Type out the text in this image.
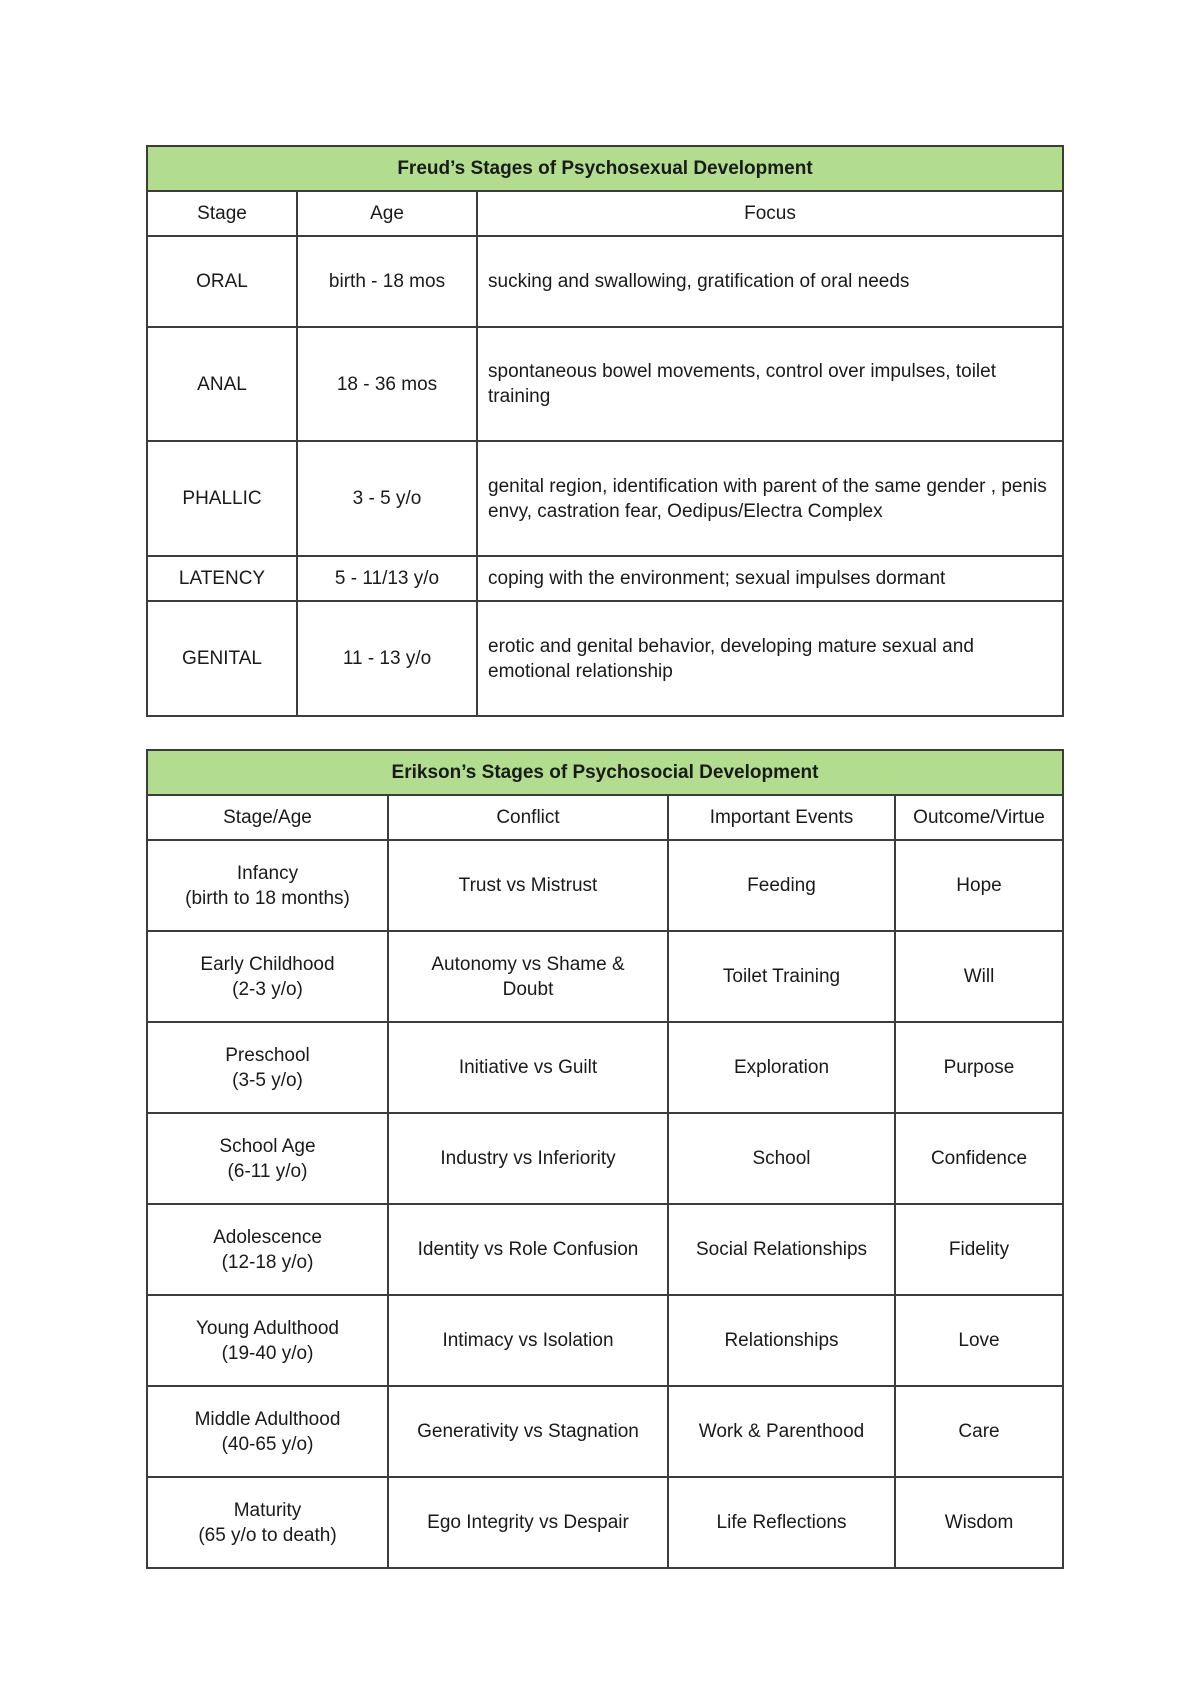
Freud’s Stages of Psychosexual Development		
Stage	Age	Focus
ORAL	birth - 18 mos	sucking and swallowing, gratification of oral needs
ANAL	18 - 36 mos	spontaneous bowel movements, control over impulses, toilet training
PHALLIC	3 - 5 y/o	genital region, identification with parent of the same gender , penis envy, castration fear, Oedipus/Electra Complex
LATENCY	5 - 11/13 y/o	coping with the environment; sexual impulses dormant
GENITAL	11 - 13 y/o	erotic and genital behavior, developing mature sexual and emotional relationship
Erikson’s Stages of Psychosocial Development			
Stage/Age	Conflict	Important Events	Outcome/Virtue

Infancy
(birth to 18 months)	Trust vs Mistrust	Feeding	Hope

Early Childhood
(2-3 y/o)	Autonomy vs Shame & Doubt	Toilet Training	Will

Preschool
(3-5 y/o)	Initiative vs Guilt	Exploration	Purpose

School Age
(6-11 y/o)	Industry vs Inferiority	School	Confidence

Adolescence
(12-18 y/o)	Identity vs Role Confusion	Social Relationships	Fidelity

Young Adulthood
(19-40 y/o)	Intimacy vs Isolation	Relationships	Love

Middle Adulthood
(40-65 y/o)	Generativity vs Stagnation	Work & Parenthood	Care

Maturity
(65 y/o to death)	Ego Integrity vs Despair	Life Reflections	Wisdom
